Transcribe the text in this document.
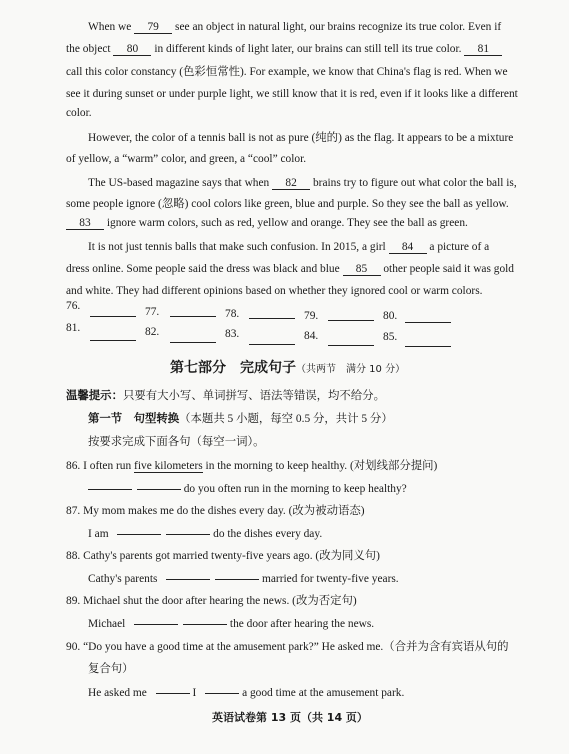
When we 79 see an object in natural light, our brains recognize its true color. Even if
the object 80 in different kinds of light later, our brains can still tell its true color. 81
call this color constancy (色彩恒常性). For example, we know that China's flag is red. When we
see it during sunset or under purple light, we still know that it is red, even if it looks like a different
color.
However, the color of a tennis ball is not as pure (纯的) as the flag. It appears to be a mixture
of yellow, a “warm” color, and green, a “cool” color.
The US-based magazine says that when 82 brains try to figure out what color the ball is,
some people ignore (忽略) cool colors like green, blue and purple. So they see the ball as yellow.
83 ignore warm colors, such as red, yellow and orange. They see the ball as green.
It is not just tennis balls that make such confusion. In 2015, a girl 84 a picture of a
dress online. Some people said the dress was black and blue 85 other people said it was gold
and white. They had different opinions based on whether they ignored cool or warm colors.
76.	77.	78.	79.	80.
81.	82.	83.	84.	85.
第七部分　完成句子（共两节　满分 10 分）
温馨提示：只要有大小写、单词拼写、语法等错误，均不给分。
第一节　句型转换（本题共 5 小题，每空 0.5 分，共计 5 分）
按要求完成下面各句（每空一词）。
86. I often run five kilometers in the morning to keep healthy. (对划线部分提问)
do you often run in the morning to keep healthy?
87. My mom makes me do the dishes every day. (改为被动语态)
I am	do the dishes every day.
88. Cathy's parents got married twenty-five years ago. (改为同义句)
Cathy's parents	married for twenty-five years.
89. Michael shut the door after hearing the news. (改为否定句)
Michael	the door after hearing the news.
90. “Do you have a good time at the amusement park?” He asked me.（合并为含有宾语从句的
复合句）
He asked me	I	a good time at the amusement park.
英语试卷第 13 页（共 14 页）
